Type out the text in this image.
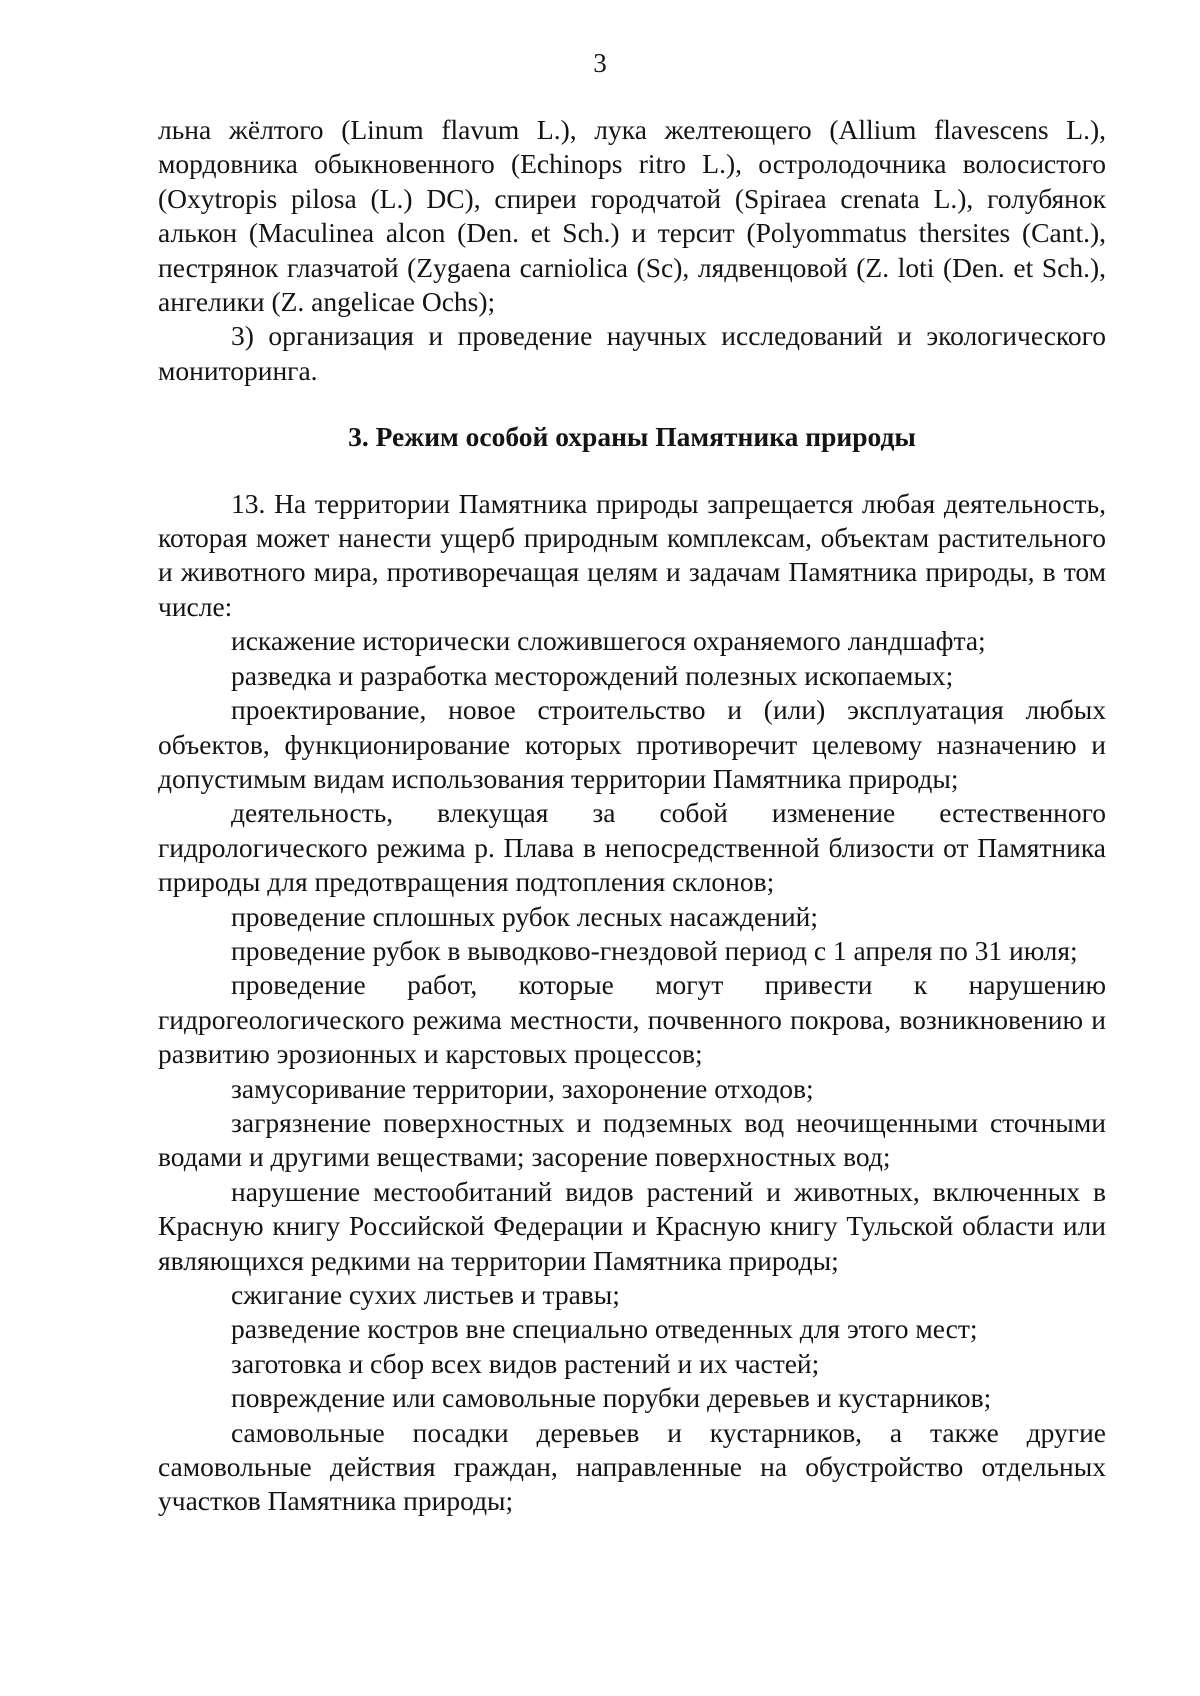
3

льна жёлтого (Linum flavum L.), лука желтеющего (Allium flavescens L.), мордовника обыкновенного (Echinops ritro L.), остролодочника волосистого (Oxytropis pilosa (L.) DC), спиреи городчатой (Spiraea crenata L.), голубянок алькон (Maculinea alcon (Den. et Sch.) и терсит (Polyommatus thersites (Cant.), пестрянок глазчатой (Zygaena carniolica (Sc), лядвенцовой (Z. loti (Den. et Sch.), ангелики (Z. angelicae Ochs);

3) организация и проведение научных исследований и экологического мониторинга.

3. Режим особой охраны Памятника природы

13. На территории Памятника природы запрещается любая деятельность, которая может нанести ущерб природным комплексам, объектам растительного и животного мира, противоречащая целям и задачам Памятника природы, в том числе:

искажение исторически сложившегося охраняемого ландшафта;

разведка и разработка месторождений полезных ископаемых;

проектирование, новое строительство и (или) эксплуатация любых объектов, функционирование которых противоречит целевому назначению и допустимым видам использования территории Памятника природы;

деятельность, влекущая за собой изменение естественного гидрологического режима р. Плава в непосредственной близости от Памятника природы для предотвращения подтопления склонов;

проведение сплошных рубок лесных насаждений;

проведение рубок в выводково-гнездовой период с 1 апреля по 31 июля;

проведение работ, которые могут привести к нарушению гидрогеологического режима местности, почвенного покрова, возникновению и развитию эрозионных и карстовых процессов;

замусоривание территории, захоронение отходов;

загрязнение поверхностных и подземных вод неочищенными сточными водами и другими веществами; засорение поверхностных вод;

нарушение местообитаний видов растений и животных, включенных в Красную книгу Российской Федерации и Красную книгу Тульской области или являющихся редкими на территории Памятника природы;

сжигание сухих листьев и травы;

разведение костров вне специально отведенных для этого мест;

заготовка и сбор всех видов растений и их частей;

повреждение или самовольные порубки деревьев и кустарников;

самовольные посадки деревьев и кустарников, а также другие самовольные действия граждан, направленные на обустройство отдельных участков Памятника природы;
